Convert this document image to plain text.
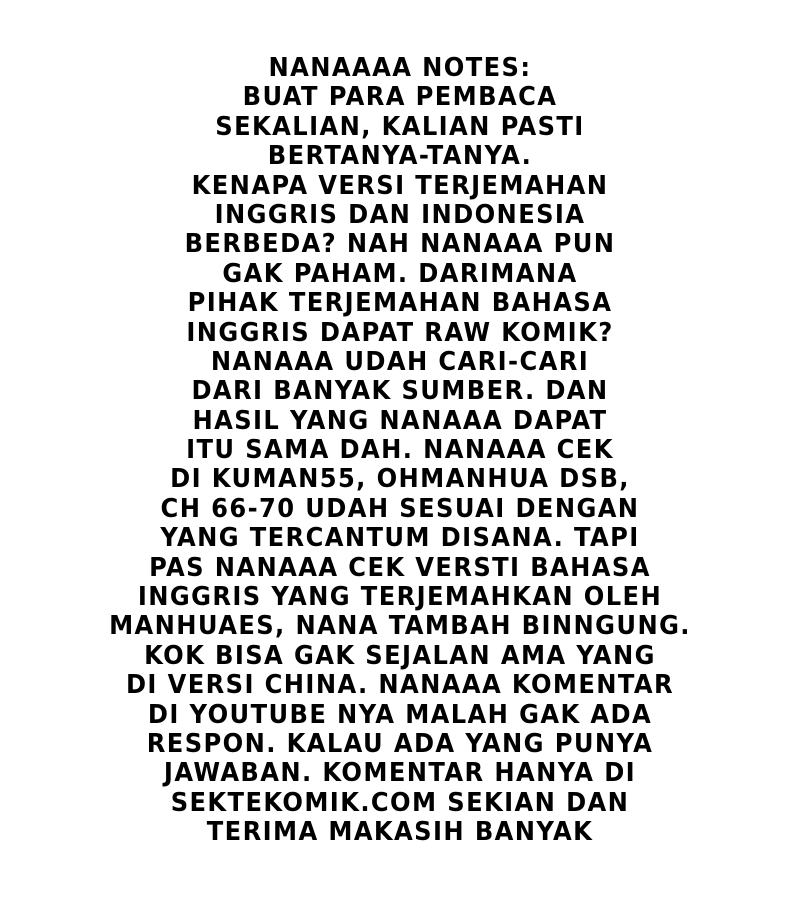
NANAAAA NOTES:
BUAT PARA PEMBACA
SEKALIAN, KALIAN PASTI
BERTANYA-TANYA.
KENAPA VERSI TERJEMAHAN
INGGRIS DAN INDONESIA
BERBEDA? NAH NANAAA PUN
GAK PAHAM. DARIMANA
PIHAK TERJEMAHAN BAHASA
INGGRIS DAPAT RAW KOMIK?
NANAAA UDAH CARI-CARI
DARI BANYAK SUMBER. DAN
HASIL YANG NANAAA DAPAT
ITU SAMA DAH. NANAAA CEK
DI KUMAN55, OHMANHUA DSB,
CH 66-70 UDAH SESUAI DENGAN
YANG TERCANTUM DISANA. TAPI
PAS NANAAA CEK VERSTI BAHASA
INGGRIS YANG TERJEMAHKAN OLEH
MANHUAES, NANA TAMBAH BINNGUNG.
KOK BISA GAK SEJALAN AMA YANG
DI VERSI CHINA. NANAAA KOMENTAR
DI YOUTUBE NYA MALAH GAK ADA
RESPON. KALAU ADA YANG PUNYA
JAWABAN. KOMENTAR HANYA DI
SEKTEKOMIK.COM SEKIAN DAN
TERIMA MAKASIH BANYAK
